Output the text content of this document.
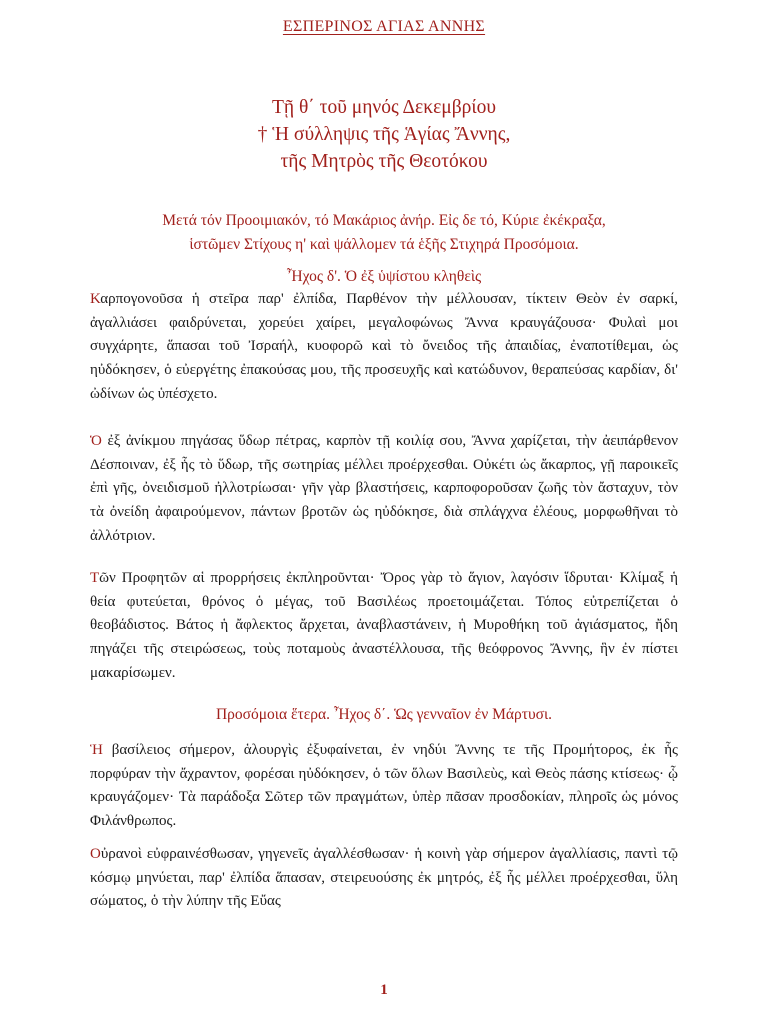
ΕΣΠΕΡΙΝΟΣ ΑΓΙΑΣ ΑΝΝΗΣ
Τῇ θ΄ τοῦ μηνός Δεκεμβρίου
† Ἡ σύλληψις τῆς Ἁγίας Ἄννης,
τῆς Μητρὸς τῆς Θεοτόκου
Μετά τόν Προοιμιακόν, τό Μακάριος ἀνήρ. Εἰς δε τό, Κύριε ἐκέκραξα,
ἱστῶμεν Στίχους η' καὶ ψάλλομεν τά ἑξῆς Στιχηρά Προσόμοια.
Ἦχος δ'. Ὁ ἐξ ὑψίστου κληθεὶς

Καρπογονοῦσα ἡ στεῖρα παρ' ἐλπίδα, Παρθένον τὴν μέλλουσαν, τίκτειν Θεὸν ἐν σαρκί, ἀγαλλιάσει φαιδρύνεται, χορεύει χαίρει, μεγαλοφώνως Ἄννα κραυγάζουσα· Φυλαὶ μοι συγχάρητε, ἅπασαι τοῦ Ἰσραήλ, κυοφορῶ καὶ τὸ ὄνειδος τῆς ἀπαιδίας, ἐναποτίθεμαι, ὡς ηὐδόκησεν, ὁ εὐεργέτης ἐπακούσας μου, τῆς προσευχῆς καὶ κατώδυνον, θεραπεύσας καρδίαν, δι' ὠδίνων ὡς ὑπέσχετο.

Ὁ ἐξ ἀνίκμου πηγάσας ὕδωρ πέτρας, καρπὸν τῇ κοιλίᾳ σου, Ἄννα χαρίζεται, τὴν ἀειπάρθενον Δέσποιναν, ἐξ ἧς τὸ ὕδωρ, τῆς σωτηρίας μέλλει προέρχεσθαι. Οὐκέτι ὡς ἄκαρπος, γῇ παροικεῖς ἐπὶ γῆς, ὀνειδισμοῦ ἠλλοτρίωσαι· γῆν γὰρ βλαστήσεις, καρποφοροῦσαν ζωῆς τὸν ἄσταχυν, τὸν τὰ ὀνείδη ἀφαιρούμενον, πάντων βροτῶν ὡς ηὐδόκησε, διὰ σπλάγχνα ἐλέους, μορφωθῆναι τὸ ἀλλότριον.

Τῶν Προφητῶν αἱ προρρήσεις ἐκπληροῦνται· Ὄρος γὰρ τὸ ἅγιον, λαγόσιν ἵδρυται· Κλίμαξ ἡ θεία φυτεύεται, θρόνος ὁ μέγας, τοῦ Βασιλέως προετοιμάζεται. Τόπος εὐτρεπίζεται ὁ θεοβάδιστος. Βάτος ἡ ἄφλεκτος ἄρχεται, ἀναβλαστάνειν, ἡ Μυροθήκη τοῦ ἁγιάσματος, ἤδη πηγάζει τῆς στειρώσεως, τοὺς ποταμοὺς ἀναστέλλουσα, τῆς θεόφρονος Ἄννης, ἣν ἐν πίστει μακαρίσωμεν.

Προσόμοια ἕτερα. Ἦχος δ΄. Ὡς γενναῖον ἐν Μάρτυσι.

Ἡ βασίλειος σήμερον, ἁλουργὶς ἐξυφαίνεται, ἐν νηδύι Ἄννης τε τῆς Προμήτορος, ἐκ ἧς πορφύραν τὴν ἄχραντον, φορέσαι ηὐδόκησεν, ὁ τῶν ὅλων Βασιλεὺς, καὶ Θεὸς πάσης κτίσεως· ᾧ κραυγάζομεν· Τὰ παράδοξα Σῶτερ τῶν πραγμάτων, ὑπὲρ πᾶσαν προσδοκίαν, πληροῖς ὡς μόνος Φιλάνθρωπος.

Οὐρανοὶ εὐφραινέσθωσαν, γηγενεῖς ἀγαλλέσθωσαν· ἡ κοινὴ γὰρ σήμερον ἀγαλλίασις, παντὶ τῷ κόσμῳ μηνύεται, παρ' ἐλπίδα ἅπασαν, στειρευούσης ἐκ μητρός, ἐξ ἧς μέλλει προέρχεσθαι, ὕλη σώματος, ὁ τὴν λύπην τῆς Εὔας

1
